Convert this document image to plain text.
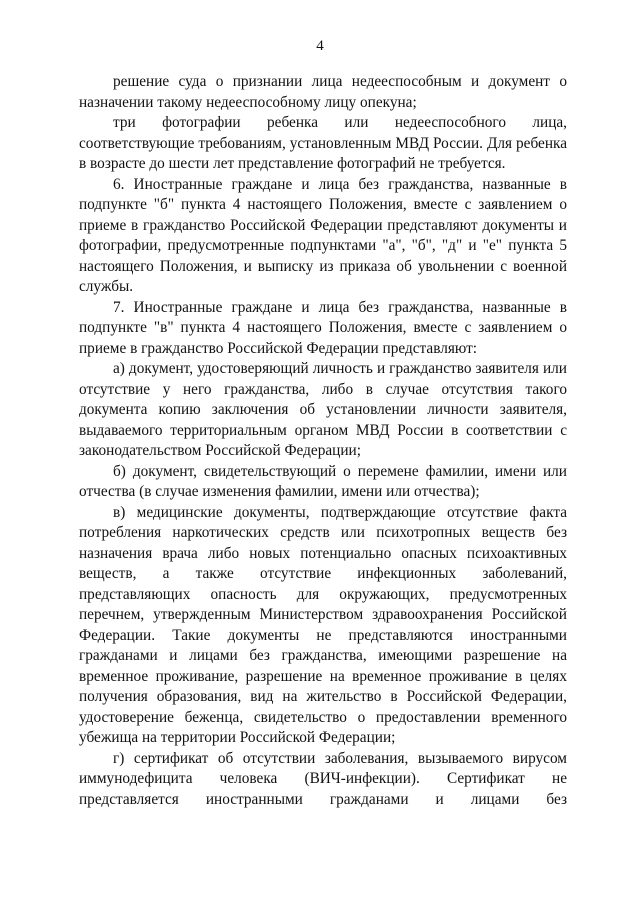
4

решение суда о признании лица недееспособным и документ о назначении такому недееспособному лицу опекуна;

три фотографии ребенка или недееспособного лица, соответствующие требованиям, установленным МВД России. Для ребенка в возрасте до шести лет представление фотографий не требуется.

6. Иностранные граждане и лица без гражданства, названные в подпункте "б" пункта 4 настоящего Положения, вместе с заявлением о приеме в гражданство Российской Федерации представляют документы и фотографии, предусмотренные подпунктами "а", "б", "д" и "е" пункта 5 настоящего Положения, и выписку из приказа об увольнении с военной службы.

7. Иностранные граждане и лица без гражданства, названные в подпункте "в" пункта 4 настоящего Положения, вместе с заявлением о приеме в гражданство Российской Федерации представляют:

а) документ, удостоверяющий личность и гражданство заявителя или отсутствие у него гражданства, либо в случае отсутствия такого документа копию заключения об установлении личности заявителя, выдаваемого территориальным органом МВД России в соответствии с законодательством Российской Федерации;

б) документ, свидетельствующий о перемене фамилии, имени или отчества (в случае изменения фамилии, имени или отчества);

в) медицинские документы, подтверждающие отсутствие факта потребления наркотических средств или психотропных веществ без назначения врача либо новых потенциально опасных психоактивных веществ, а также отсутствие инфекционных заболеваний, представляющих опасность для окружающих, предусмотренных перечнем, утвержденным Министерством здравоохранения Российской Федерации. Такие документы не представляются иностранными гражданами и лицами без гражданства, имеющими разрешение на временное проживание, разрешение на временное проживание в целях получения образования, вид на жительство в Российской Федерации, удостоверение беженца, свидетельство о предоставлении временного убежища на территории Российской Федерации;

г) сертификат об отсутствии заболевания, вызываемого вирусом иммунодефицита человека (ВИЧ-инфекции). Сертификат не представляется иностранными гражданами и лицами без
